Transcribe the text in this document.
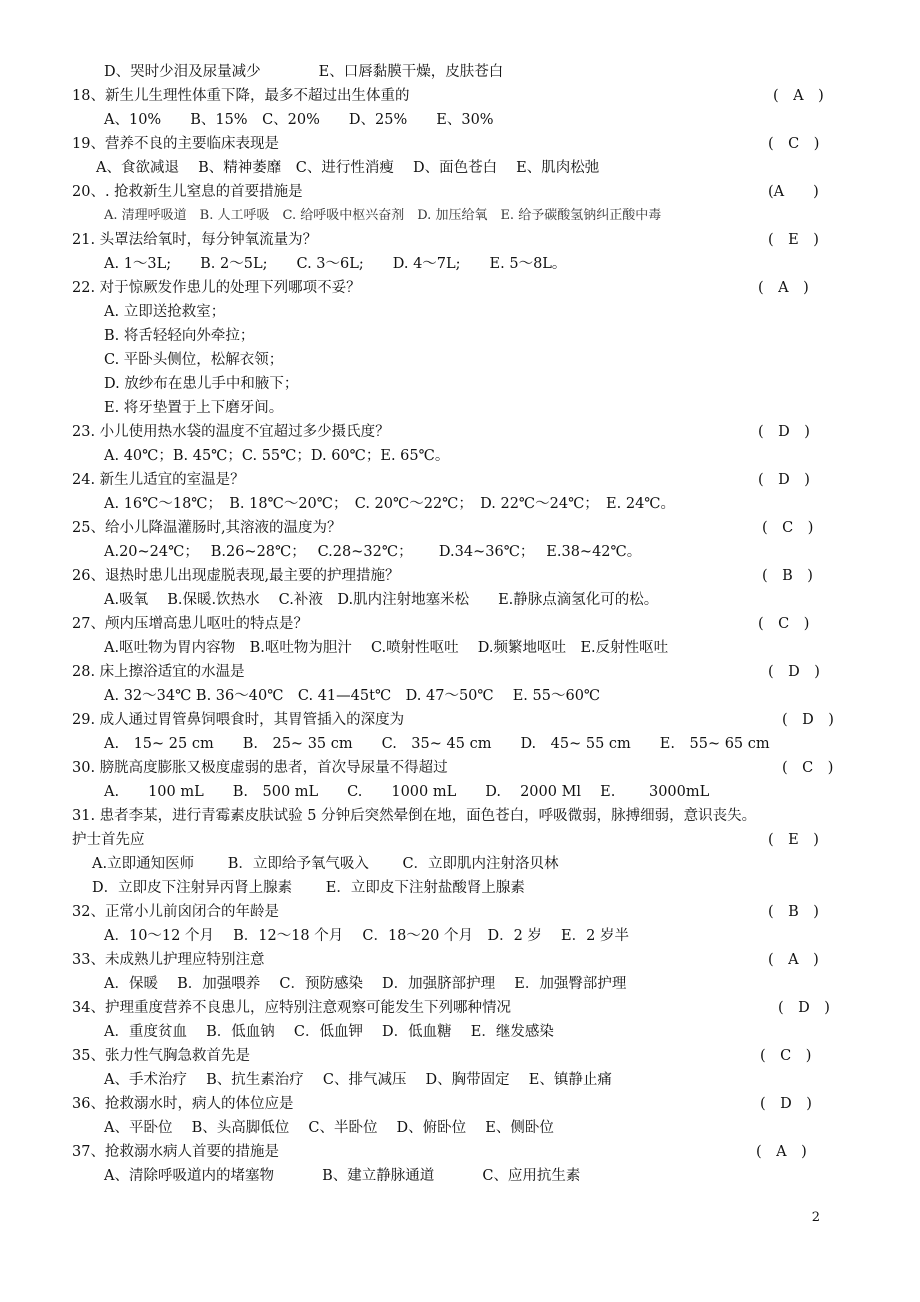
D、哭时少泪及尿量减少　　　　E、口唇黏膜干燥，皮肤苍白
18、新生儿生理性体重下降，最多不超过出生体重的	(　A　)
A、10%　　B、15%　C、20%　　D、25%　　E、30%
19、营养不良的主要临床表现是	(　C　)
A、食欲减退　 B、精神萎靡　C、进行性消瘦　 D、面色苍白　 E、肌肉松弛
20、. 抢救新生儿窒息的首要措施是	(A　　)
A. 清理呼吸道　B. 人工呼吸　C. 给呼吸中枢兴奋剂　D. 加压给氧　E. 给予碳酸氢钠纠正酸中毒
21. 头罩法给氧时，每分钟氧流量为？	(　E　)
A. 1～3L;　　B. 2～5L;　　C. 3～6L;　　D. 4～7L;　　E. 5～8L。
22. 对于惊厥发作患儿的处理下列哪项不妥？	(　A　)
A. 立即送抢救室；
B. 将舌轻轻向外牵拉；
C. 平卧头侧位，松解衣领；
D. 放纱布在患儿手中和腋下；
E. 将牙垫置于上下磨牙间。
23. 小儿使用热水袋的温度不宜超过多少摄氏度？	(　D　)
A. 40℃；B. 45℃；C. 55℃；D. 60℃；E. 65℃。
24. 新生儿适宜的室温是？	(　D　)
A. 16℃～18℃；　B. 18℃～20℃；　C. 20℃～22℃；　D. 22℃～24℃；　E. 24℃。
25、给小儿降温灌肠时,其溶液的温度为？	(　C　)
A.20~24℃；　 B.26~28℃；　 C.28~32℃；　　 D.34~36℃；　 E.38~42℃。
26、退热时患儿出现虚脱表现,最主要的护理措施？	(　B　)
A.吸氧　 B.保暖.饮热水　 C.补液　D.肌内注射地塞米松　　E.静脉点滴氢化可的松。
27、颅内压增高患儿呕吐的特点是？	(　C　)
A.呕吐物为胃内容物　B.呕吐物为胆汁　 C.喷射性呕吐　 D.频繁地呕吐　E.反射性呕吐
28. 床上擦浴适宜的水温是	(　D　)
A. 32～34℃ B. 36～40℃　C. 41—45t℃　D. 47～50℃　 E. 55～60℃
29. 成人通过胃管鼻饲喂食时，其胃管插入的深度为	(　D　)
A.　15~ 25 cm　　B.　25~ 35 cm　　C.　35~ 45 cm　　D.　45~ 55 cm　　E.　55~ 65 cm
30. 膀胱高度膨胀又极度虚弱的患者，首次导尿量不得超过	(　C　)
A.　　100 mL　　B.　500 mL　　C.　　1000 mL　　D.　 2000 Ml　 E.　　 3000mL
31. 患者李某，进行青霉素皮肤试验 5 分钟后突然晕倒在地，面色苍白，呼吸微弱，脉搏细弱，意识丧失。
护士首先应	(　E　)
A.立即通知医师　　 B．立即给予氧气吸入　　 C．立即肌内注射洛贝林
D．立即皮下注射异丙肾上腺素　　 E．立即皮下注射盐酸肾上腺素
32、正常小儿前囟闭合的年龄是	(　B　)
A．10～12 个月　 B．12～18 个月　 C．18～20 个月　D．2 岁　 E．2 岁半
33、未成熟儿护理应特别注意	(　A　)
A．保暖　 B．加强喂养　 C．预防感染　 D．加强脐部护理　 E．加强臀部护理
34、护理重度营养不良患儿，应特别注意观察可能发生下列哪种情况	(　D　)
A．重度贫血　 B．低血钠　 C．低血钾　 D．低血糖　 E．继发感染
35、张力性气胸急救首先是	(　C　)
A、手术治疗　 B、抗生素治疗　 C、排气减压　 D、胸带固定　 E、镇静止痛
36、抢救溺水时，病人的体位应是	(　D　)
A、平卧位　 B、头高脚低位　 C、半卧位　 D、俯卧位　 E、侧卧位
37、抢救溺水病人首要的措施是	(　A　)
A、清除呼吸道内的堵塞物　　　 B、建立静脉通道　　　 C、应用抗生素
2
